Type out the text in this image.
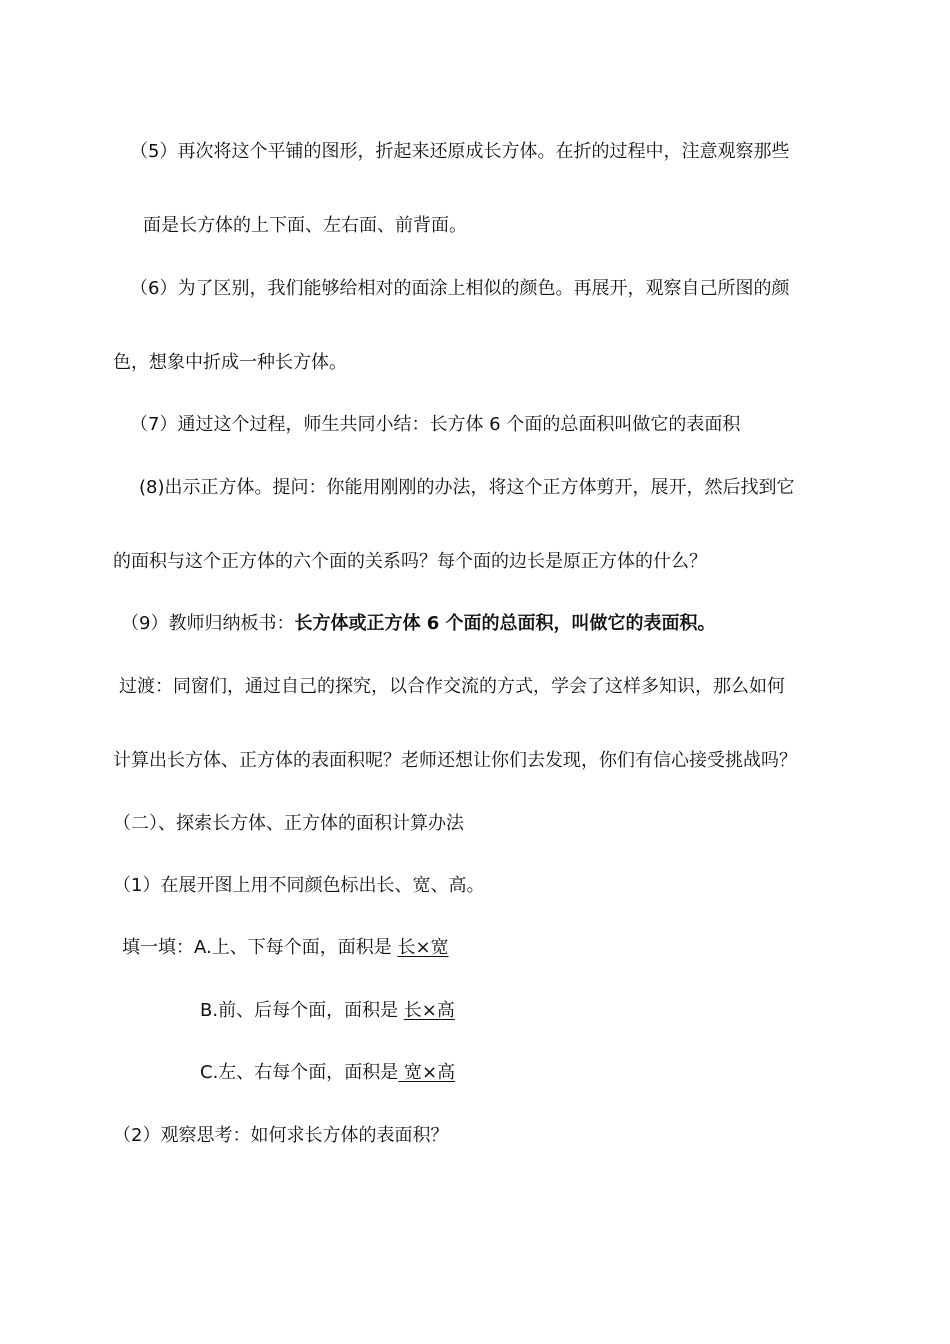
（5）再次将这个平铺的图形，折起来还原成长方体。在折的过程中，注意观察那些
面是长方体的上下面、左右面、前背面。
（6）为了区别，我们能够给相对的面涂上相似的颜色。再展开，观察自己所图的颜
色，想象中折成一种长方体。
（7）通过这个过程，师生共同小结：长方体 6 个面的总面积叫做它的表面积
(8)出示正方体。提问：你能用刚刚的办法，将这个正方体剪开，展开，然后找到它
的面积与这个正方体的六个面的关系吗？每个面的边长是原正方体的什么？
（9）教师归纳板书：长方体或正方体 6 个面的总面积，叫做它的表面积。
过渡：同窗们，通过自己的探究，以合作交流的方式，学会了这样多知识，那么如何
计算出长方体、正方体的表面积呢？老师还想让你们去发现，你们有信心接受挑战吗？
（二）、探索长方体、正方体的面积计算办法
（1）在展开图上用不同颜色标出长、宽、高。
填一填：A.上、下每个面，面积是 长×宽
B.前、后每个面，面积是 长×高
C.左、右每个面，面积是 宽×高
（2）观察思考：如何求长方体的表面积？
